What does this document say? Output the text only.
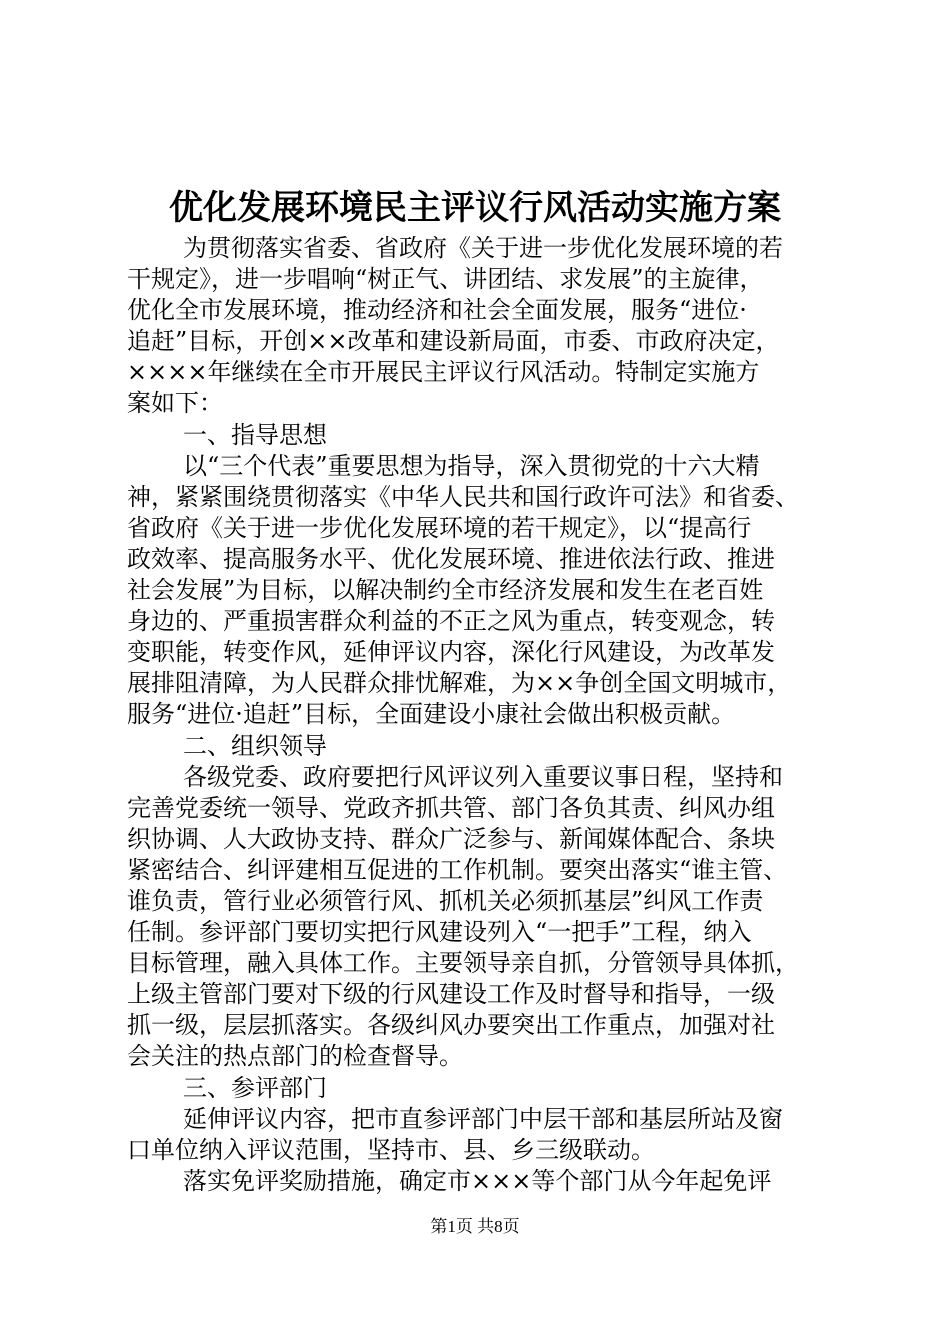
优化发展环境民主评议行风活动实施方案
为贯彻落实省委、省政府《关于进一步优化发展环境的若
干规定》，进一步唱响“树正气、讲团结、求发展”的主旋律，
优化全市发展环境，推动经济和社会全面发展，服务“进位·
追赶”目标，开创××改革和建设新局面，市委、市政府决定，
××××年继续在全市开展民主评议行风活动。特制定实施方
案如下：
一、指导思想
以“三个代表”重要思想为指导，深入贯彻党的十六大精
神，紧紧围绕贯彻落实《中华人民共和国行政许可法》和省委、
省政府《关于进一步优化发展环境的若干规定》，以“提高行
政效率、提高服务水平、优化发展环境、推进依法行政、推进
社会发展”为目标，以解决制约全市经济发展和发生在老百姓
身边的、严重损害群众利益的不正之风为重点，转变观念，转
变职能，转变作风，延伸评议内容，深化行风建设，为改革发
展排阻清障，为人民群众排忧解难，为××争创全国文明城市，
服务“进位·追赶”目标，全面建设小康社会做出积极贡献。
二、组织领导
各级党委、政府要把行风评议列入重要议事日程，坚持和
完善党委统一领导、党政齐抓共管、部门各负其责、纠风办组
织协调、人大政协支持、群众广泛参与、新闻媒体配合、条块
紧密结合、纠评建相互促进的工作机制。要突出落实“谁主管、
谁负责，管行业必须管行风、抓机关必须抓基层”纠风工作责
任制。参评部门要切实把行风建设列入“一把手”工程，纳入
目标管理，融入具体工作。主要领导亲自抓，分管领导具体抓，
上级主管部门要对下级的行风建设工作及时督导和指导，一级
抓一级，层层抓落实。各级纠风办要突出工作重点，加强对社
会关注的热点部门的检查督导。
三、参评部门
延伸评议内容，把市直参评部门中层干部和基层所站及窗
口单位纳入评议范围，坚持市、县、乡三级联动。
落实免评奖励措施，确定市×××等个部门从今年起免评
第1页 共8页
